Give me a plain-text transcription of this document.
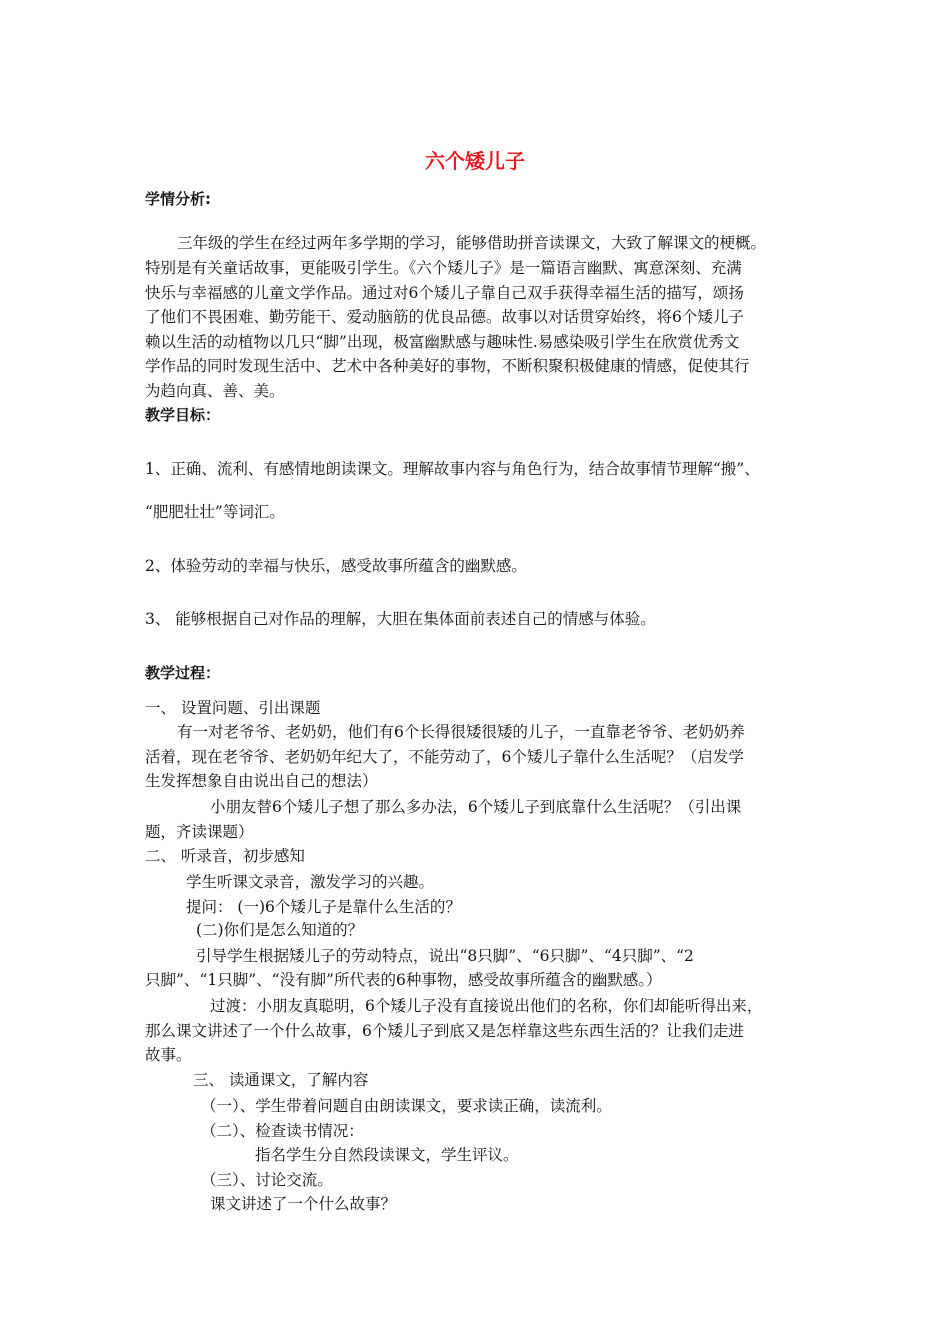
六个矮儿子
学情分析:
三年级的学生在经过两年多学期的学习，能够借助拼音读课文，大致了解课文的梗概。
特别是有关童话故事，更能吸引学生。《六个矮儿子》是一篇语言幽默、寓意深刻、充满
快乐与幸福感的儿童文学作品。通过对6个矮儿子靠自己双手获得幸福生活的描写，颂扬
了他们不畏困难、勤劳能干、爱动脑筋的优良品德。故事以对话贯穿始终，将6个矮儿子
赖以生活的动植物以几只“脚”出现，极富幽默感与趣味性.易感染吸引学生在欣赏优秀文
学作品的同时发现生活中、艺术中各种美好的事物，不断积聚积极健康的情感，促使其行
为趋向真、善、美。
教学目标：
1、正确、流利、有感情地朗读课文。理解故事内容与角色行为，结合故事情节理解“搬”、
“肥肥壮壮”等词汇。
2、体验劳动的幸福与快乐，感受故事所蕴含的幽默感。
3、 能够根据自己对作品的理解，大胆在集体面前表述自己的情感与体验。
教学过程：
一、 设置问题、引出课题
有一对老爷爷、老奶奶，他们有6个长得很矮很矮的儿子，一直靠老爷爷、老奶奶养
活着，现在老爷爷、老奶奶年纪大了，不能劳动了，6个矮儿子靠什么生活呢？（启发学
生发挥想象自由说出自己的想法）
小朋友替6个矮儿子想了那么多办法，6个矮儿子到底靠什么生活呢？（引出课
题，齐读课题）
二、 听录音，初步感知
学生听课文录音，激发学习的兴趣。
提问： (一)6个矮儿子是靠什么生活的？
(二)你们是怎么知道的？
引导学生根据矮儿子的劳动特点，说出“8只脚”、“6只脚”、“4只脚”、“2
只脚”、“1只脚”、“没有脚”所代表的6种事物，感受故事所蕴含的幽默感。）
过渡：小朋友真聪明，6个矮儿子没有直接说出他们的名称，你们却能听得出来，
那么课文讲述了一个什么故事，6个矮儿子到底又是怎样靠这些东西生活的？让我们走进
故事。
三、 读通课文，了解内容
（一）、学生带着问题自由朗读课文，要求读正确，读流利。
（二）、检查读书情况：
指名学生分自然段读课文，学生评议。
（三）、讨论交流。
课文讲述了一个什么故事？
